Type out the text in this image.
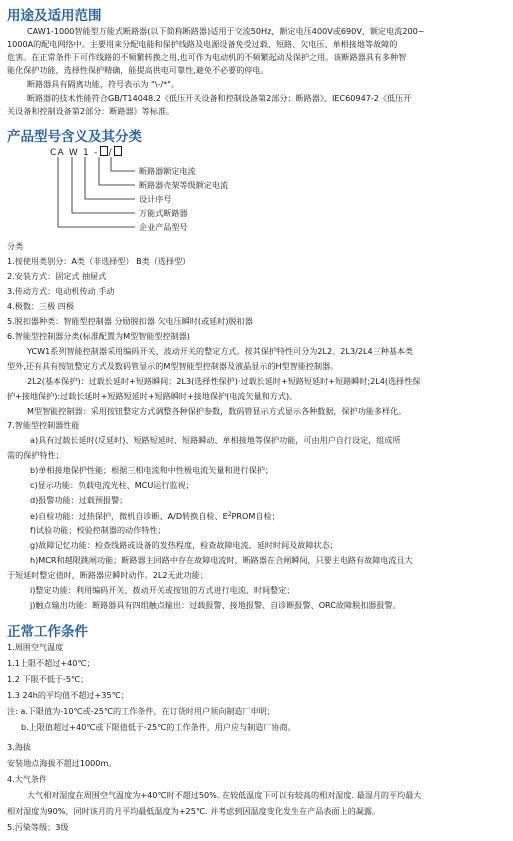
用途及适用范围
CAW1-1000智能型万能式断路器(以下简称断路器)适用于交流50Hz，额定电压400V或690V，额定电流200~
1000A的配电网络中。主要用来分配电能和保护线路及电源设备免受过载、短路、欠电压、单相接地等故障的
危害。在正常条件下可作线路的不频繁转换之用,也可作为电动机的不频繁起动及保护之用。该断路器具有多种智
能化保护功能，选择性保护精确，能提高供电可靠性,避免不必要的停电。
断路器具有隔离功能，符号表示为 "\-/*"。
断路器的技术性能符合GB/T14048.2《低压开关设备和控制设备第2部分：断路器》、IEC60947-2《低压开
关设备和控制设备第2部分：断路器》等标准。
产品型号含义及其分类
CA W 1 - /
断路器额定电流
断路器壳架等级额定电流
设计序号
万能式断路器
企业产品型号
分类
1.按使用类别分：A类（非选择型） B类（选择型）
2.安装方式：固定式 抽屉式
3.传动方式：电动机传动 手动
4.极数：三极 四极
5.脱扣器种类：智能型控制器 分励脱扣器 欠电压瞬时(或延时)脱扣器
6.智能型控制器分类(标准配置为M型智能型控制器)
YCW1系列智能控制器采用编码开关、波动开关的整定方式。按其保护特性可分为2L2、2L3/2L4三种基本类
型外,还有具有按钮整定方式及数码管显示的M型智能型控制器及液晶显示的H型智能控制器。
2L2(基本保护)：过载长延时+短路瞬间；2L3(选择性保护)·过载长延时+短路短延时+短路瞬时;2L4(选择性保
护+接地保护):过载长延时+短路短延时+短路瞬时+接地保护(电流矢量和方式)。
M型智能控制器：采用按钮整定方式调整各种保护参数，数码管显示方式显示各种数据，保护功能多样化。
7.智能型控制器性能
a)具有过载长延时(反延时)、短路短延时、短路瞬动、单相接地等保护功能，可由用户自行设定，组成所
需的保护特性；
b)单相接地保护性能；根据三相电流和中性极电流矢量和进行保护；
c)显示功能：负载电流光柱、MCU运行监视；
d)报警功能：过载预报警；
e)自检功能：过热保护，微机自诊断、A/D转换自检、$E^2PROM$自检；
f)试验功能；校验控制器的动作特性；
g)故障记忆功能：检查线路或设备的发热程度，检查故障电流、延时时间及故障状态；
h)MCR和越限跳闸功能；断路器主回路中存在故障电流时，断路器在合闸瞬间，只要主电路有故障电流且大
于短延时整定值时，断路器应瞬时动作。2L2无此功能；
i)整定功能：利用编码开关、拨动开关或按钮的方式进行电流、时间整定；
j)触点输出功能：断路器具有四组触点输出：过载报警、接地报警、自诊断报警、ORC故障脱扣器报警。
正常工作条件
1.周围空气温度
1.1上限不超过+40℃；
1.2 下限不低于-5℃；
1.3 24h的平均值不超过+35℃；
注: a.下限值为-10℃或-25℃的工作条件，在订货时用户须向制造厂申明；
b.上限值超过+40℃或下限值低于-25℃的工作条件，用户应与制造厂协商。
3.海拔
安装地点海拔不超过1000m。
4.大气条件
大气相对湿度在周围空气温度为+40℃时不超过50%. 在较低温度下可以有较高的相对湿度. 最湿月的平均最大
相对湿度为90%，同时该月的月平均最低温度为+25℃. 并考虑到因温度变化发生在产品表面上的凝露。
5.污染等级；3级
